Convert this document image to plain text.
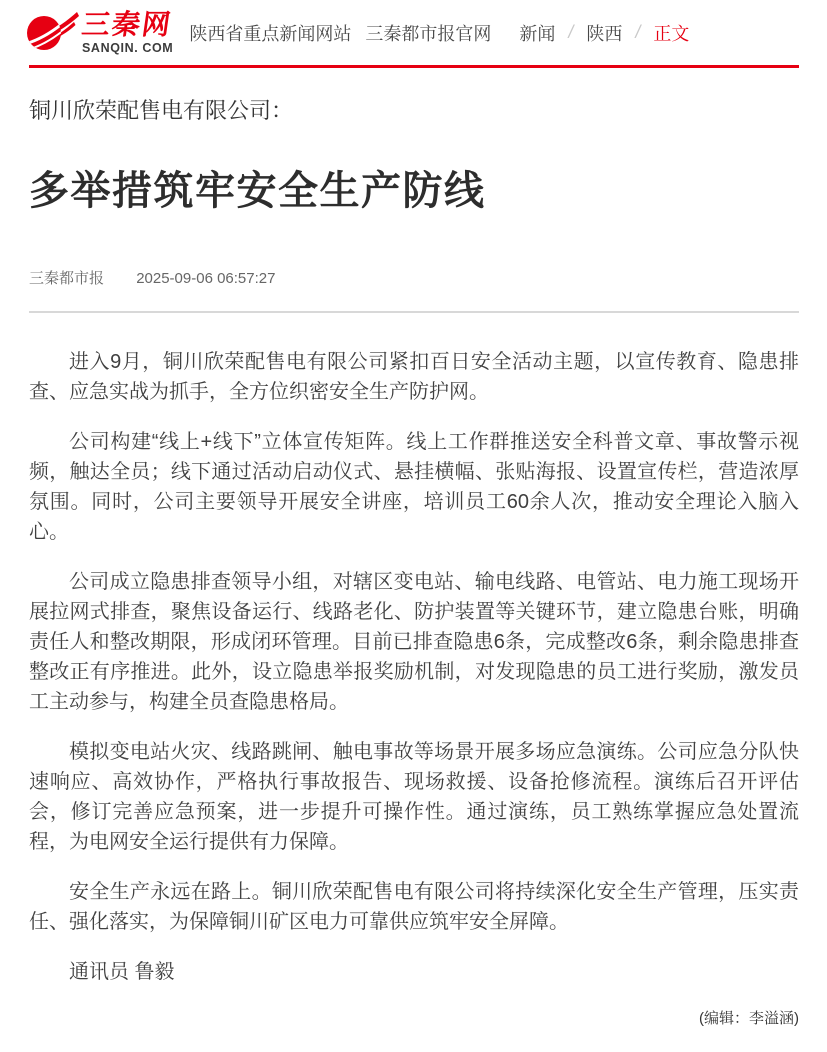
三秦网
SANQIN. COM
陕西省重点新闻网站 三秦都市报官网 新闻 / 陕西 / 正文
铜川欣荣配售电有限公司：
多举措筑牢安全生产防线
三秦都市报 2025-09-06 06:57:27

进入9月，铜川欣荣配售电有限公司紧扣百日安全活动主题，以宣传教育、隐患排查、应急实战为抓手，全方位织密安全生产防护网。

公司构建“线上+线下”立体宣传矩阵。线上工作群推送安全科普文章、事故警示视频，触达全员；线下通过活动启动仪式、悬挂横幅、张贴海报、设置宣传栏，营造浓厚氛围。同时，公司主要领导开展安全讲座，培训员工60余人次，推动安全理论入脑入心。

公司成立隐患排查领导小组，对辖区变电站、输电线路、电管站、电力施工现场开展拉网式排查，聚焦设备运行、线路老化、防护装置等关键环节，建立隐患台账，明确责任人和整改期限，形成闭环管理。目前已排查隐患6条，完成整改6条，剩余隐患排查整改正有序推进。此外，设立隐患举报奖励机制，对发现隐患的员工进行奖励，激发员工主动参与，构建全员查隐患格局。

模拟变电站火灾、线路跳闸、触电事故等场景开展多场应急演练。公司应急分队快速响应、高效协作，严格执行事故报告、现场救援、设备抢修流程。演练后召开评估会，修订完善应急预案，进一步提升可操作性。通过演练，员工熟练掌握应急处置流程，为电网安全运行提供有力保障。

安全生产永远在路上。铜川欣荣配售电有限公司将持续深化安全生产管理，压实责任、强化落实，为保障铜川矿区电力可靠供应筑牢安全屏障。

通讯员 鲁毅

(编辑：李溢涵)
